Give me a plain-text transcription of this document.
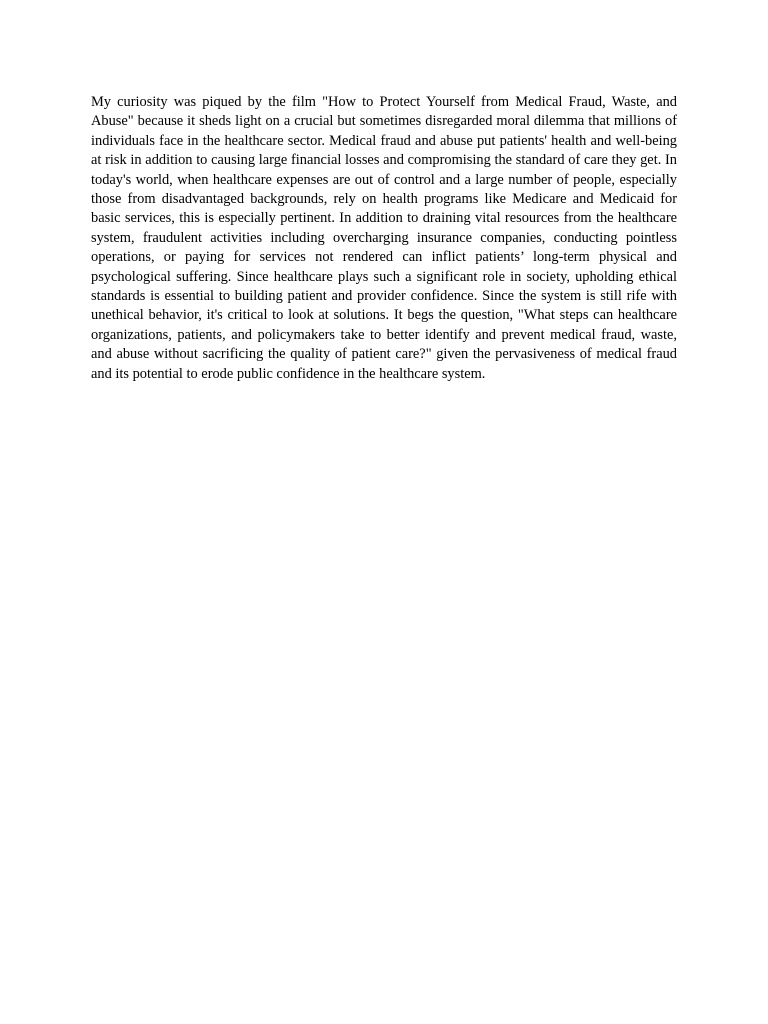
My curiosity was piqued by the film "How to Protect Yourself from Medical Fraud, Waste, and Abuse" because it sheds light on a crucial but sometimes disregarded moral dilemma that millions of individuals face in the healthcare sector. Medical fraud and abuse put patients' health and well-being at risk in addition to causing large financial losses and compromising the standard of care they get. In today's world, when healthcare expenses are out of control and a large number of people, especially those from disadvantaged backgrounds, rely on health programs like Medicare and Medicaid for basic services, this is especially pertinent. In addition to draining vital resources from the healthcare system, fraudulent activities including overcharging insurance companies, conducting pointless operations, or paying for services not rendered can inflict patients’ long-term physical and psychological suffering. Since healthcare plays such a significant role in society, upholding ethical standards is essential to building patient and provider confidence. Since the system is still rife with unethical behavior, it's critical to look at solutions. It begs the question, "What steps can healthcare organizations, patients, and policymakers take to better identify and prevent medical fraud, waste, and abuse without sacrificing the quality of patient care?" given the pervasiveness of medical fraud and its potential to erode public confidence in the healthcare system.
